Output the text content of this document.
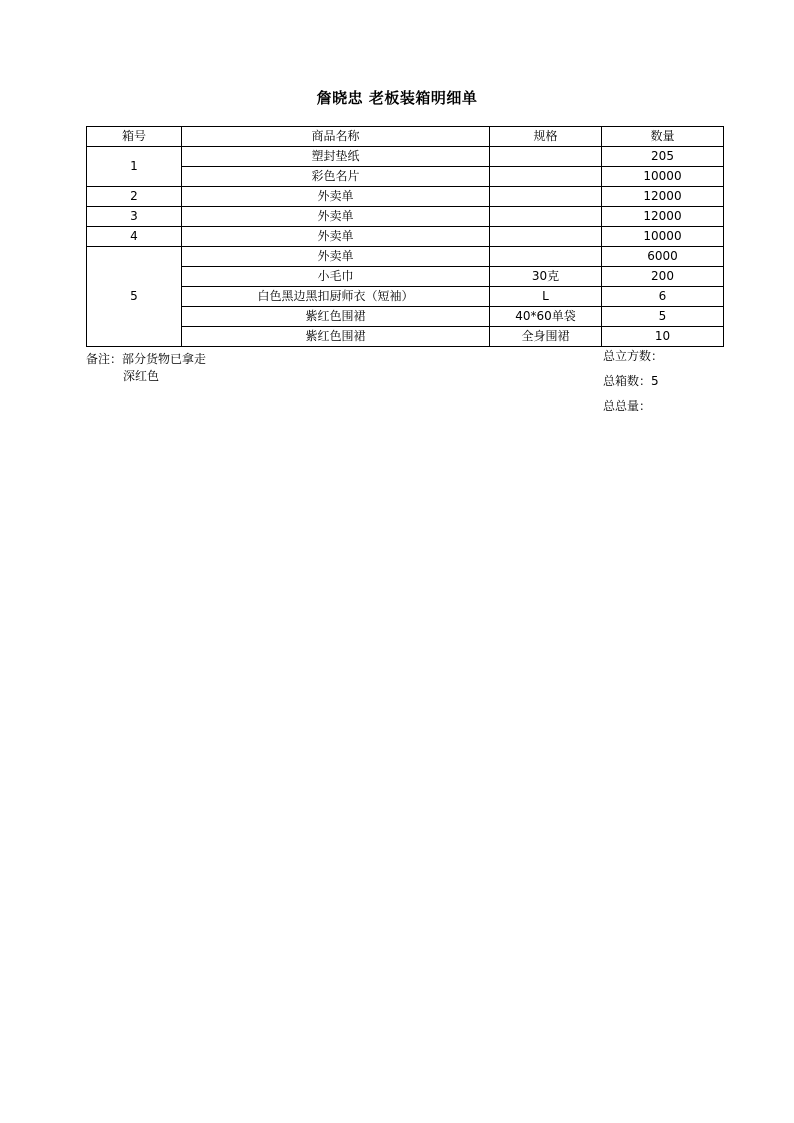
詹晓忠 老板装箱明细单
箱号	商品名称	规格	数量
1	塑封垫纸		205
	彩色名片		10000
2	外卖单		12000
3	外卖单		12000
4	外卖单		10000
5	外卖单		6000
	小毛巾	30克	200
	白色黑边黑扣厨师衣（短袖）	L	6
	紫红色围裙	40*60单袋	5
	紫红色围裙	全身围裙	10
备注：部分货物已拿走
深红色
总立方数：
总箱数：5
总总量：
